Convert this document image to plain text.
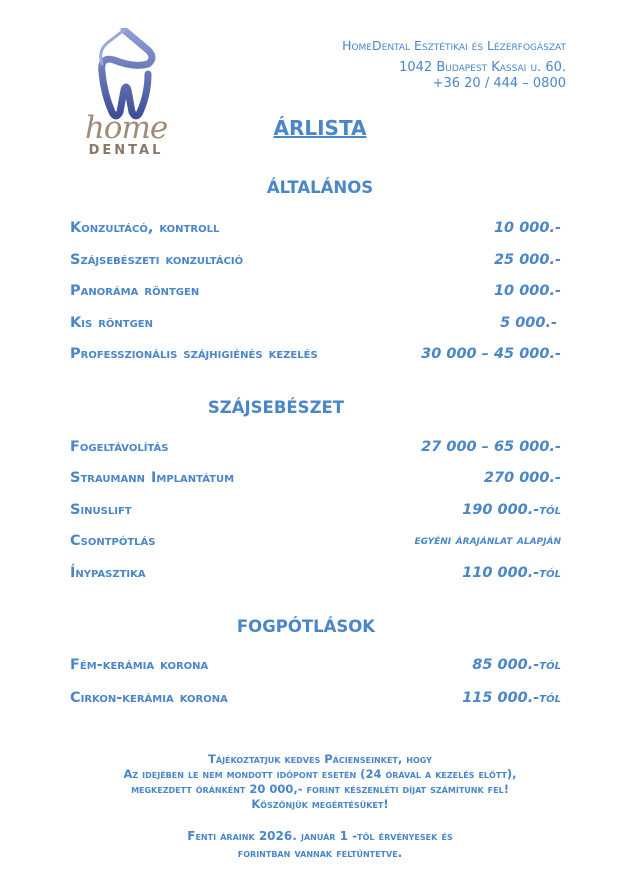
home
DENTAL
HomeDental Esztétikai és Lézerfogászat
1042 Budapest Kassai u. 60.
+36 20 / 444 – 0800
ÁRLISTA
ÁLTALÁNOS
Konzultácó, kontroll	10 000.-
Szájsebészeti konzultáció	25 000.-
Panoráma röntgen	10 000.-
Kis röntgen	5 000.-
Professzionális szájhigiénés kezelés	30 000 – 45 000.-
SZÁJSEBÉSZET
Fogeltávolítás	27 000 – 65 000.-
Straumann Implantátum	270 000.-
Sinuslift	190 000.-tól
Csontpótlás	egyéni árajánlat alapján
Ínypasztika	110 000.-tól
FOGPÓTLÁSOK
Fém-kerámia korona	85 000.-tól
Cirkon-kerámia korona	115 000.-tól
Tájékoztatjuk kedves Pácienseinket, hogy
Az idejében le nem mondott időpont esetén (24 órával a kezelés előtt),
megkezdett óránként 20 000,- forint készenléti díjat számítunk fel!
Köszönjük megértésüket!
Fenti áraink 2026. január 1 -től érvényesek és
forintban vannak feltüntetve.
